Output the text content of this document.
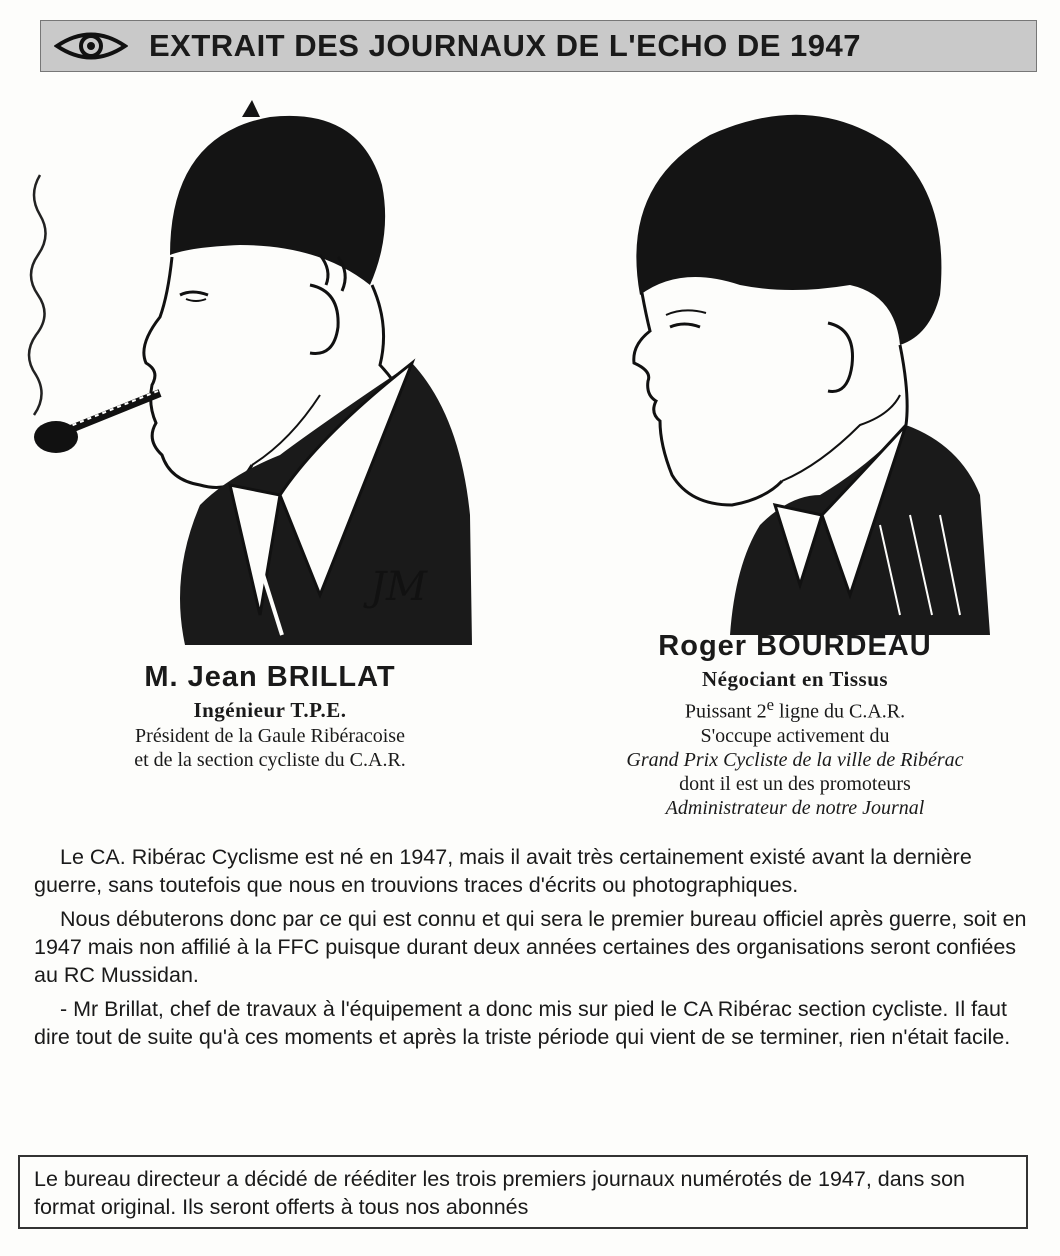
EXTRAIT DES JOURNAUX DE L'ECHO DE 1947
JM
M. Jean BRILLAT
Ingénieur T.P.E.
Président de la Gaule Ribéracoise
et de la section cycliste du C.A.R.
Roger BOURDEAU
Négociant en Tissus
Puissant 2e ligne du C.A.R.
S'occupe activement du
Grand Prix Cycliste de la ville de Ribérac
dont il est un des promoteurs
Administrateur de notre Journal

Le CA. Ribérac Cyclisme est né en 1947, mais il avait très certainement existé avant la dernière guerre, sans toutefois que nous en trouvions traces d'écrits ou photographiques.

Nous débuterons donc par ce qui est connu et qui sera le premier bureau officiel après guerre, soit en 1947 mais non affilié à la FFC puisque durant deux années certaines des organisations seront confiées au RC Mussidan.

- Mr Brillat, chef de travaux à l'équipement a donc mis sur pied le CA Ribérac section cycliste. Il faut dire tout de suite qu'à ces moments et après la triste période qui vient de se terminer, rien n'était facile.

Le bureau directeur a décidé de rééditer les trois premiers journaux numérotés de 1947, dans son format original. Ils seront offerts à tous nos abonnés
